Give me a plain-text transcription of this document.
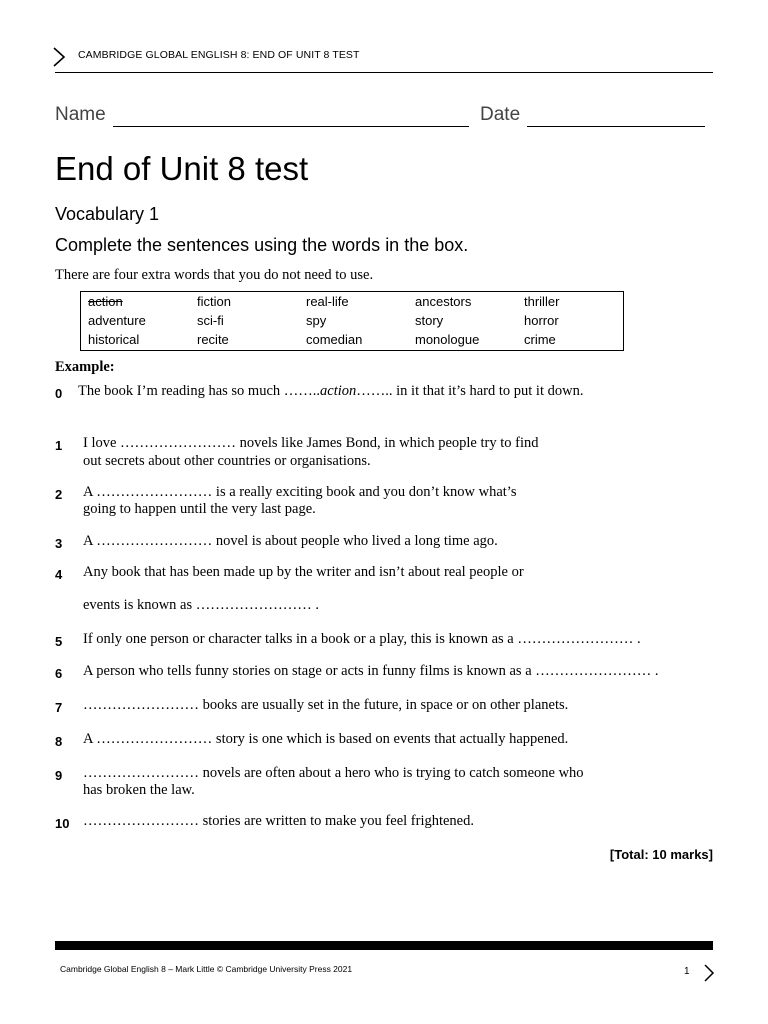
CAMBRIDGE GLOBAL ENGLISH 8: END OF UNIT 8 TEST
Name	Date
End of Unit 8 test
Vocabulary 1
Complete the sentences using the words in the box.
There are four extra words that you do not need to use.
action	fiction	real-life	ancestors	thriller
adventure	sci-fi	spy	story	horror
historical	recite	comedian	monologue	crime
Example:
0 The book I’m reading has so much ……..action…….. in it that it’s hard to put it down.
1 I love …………………… novels like James Bond, in which people try to find
out secrets about other countries or organisations.
2 A …………………… is a really exciting book and you don’t know what’s
going to happen until the very last page.
3 A …………………… novel is about people who lived a long time ago.
4 Any book that has been made up by the writer and isn’t about real people or
events is known as …………………… .
5 If only one person or character talks in a book or a play, this is known as a …………………… .
6 A person who tells funny stories on stage or acts in funny films is known as a …………………… .
7 …………………… books are usually set in the future, in space or on other planets.
8 A …………………… story is one which is based on events that actually happened.
9 …………………… novels are often about a hero who is trying to catch someone who
has broken the law.
10 …………………… stories are written to make you feel frightened.
[Total: 10 marks]
Cambridge Global English 8 – Mark Little © Cambridge University Press 2021	1
